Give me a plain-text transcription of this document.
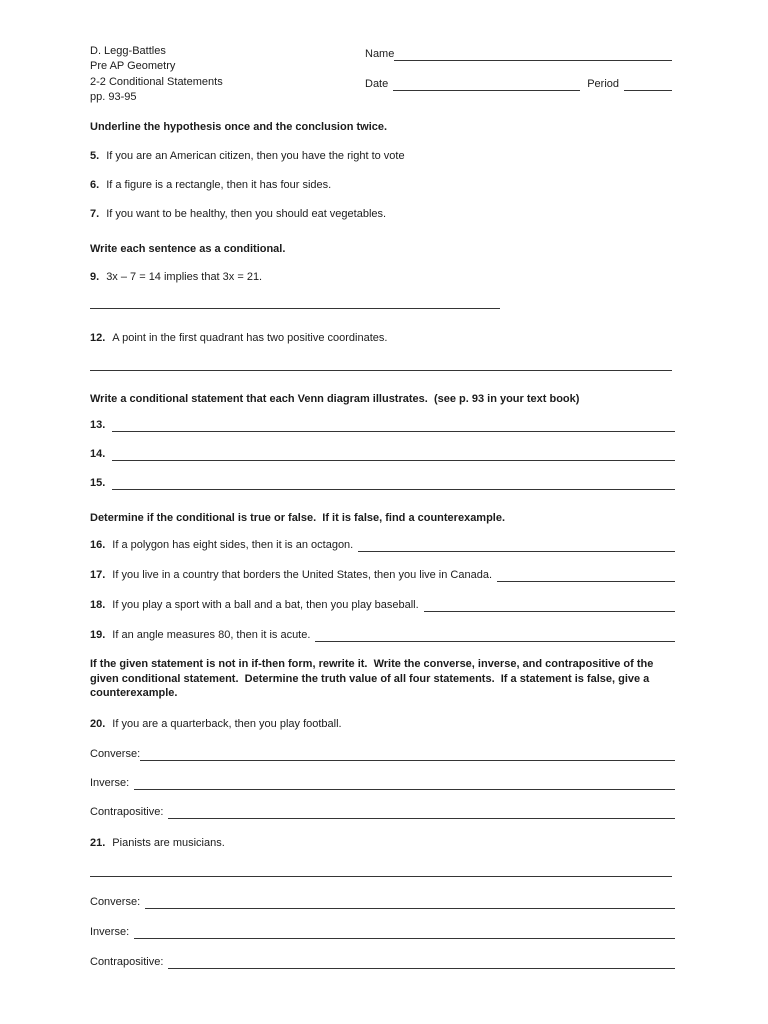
D. Legg-Battles
Pre AP Geometry
2-2 Conditional Statements
pp. 93-95
Name
Date	Period
Underline the hypothesis once and the conclusion twice.
5. If you are an American citizen, then you have the right to vote
6. If a figure is a rectangle, then it has four sides.
7. If you want to be healthy, then you should eat vegetables.
Write each sentence as a conditional.
9. 3x – 7 = 14 implies that 3x = 21.
12. A point in the first quadrant has two positive coordinates.
Write a conditional statement that each Venn diagram illustrates.  (see p. 93 in your text book)
13.
14.
15.
Determine if the conditional is true or false.  If it is false, find a counterexample.
16. If a polygon has eight sides, then it is an octagon.
17. If you live in a country that borders the United States, then you live in Canada.
18. If you play a sport with a ball and a bat, then you play baseball.
19. If an angle measures 80, then it is acute.
If the given statement is not in if-then form, rewrite it.  Write the converse, inverse, and contrapositive of the given conditional statement.  Determine the truth value of all four statements.  If a statement is false, give a counterexample.
20. If you are a quarterback, then you play football.
Converse:
Inverse:
Contrapositive:
21. Pianists are musicians.
Converse:
Inverse:
Contrapositive:
